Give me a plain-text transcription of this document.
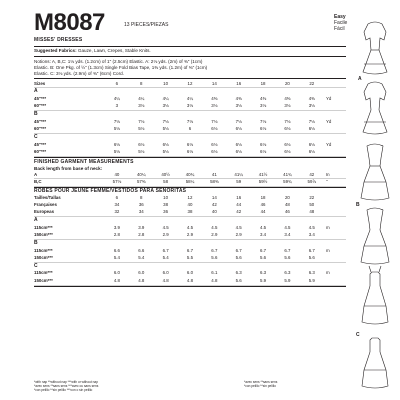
M8087	13 PIECES/PIEZAS
Easy
Facile
Fácil
MISSES' DRESSES
Suggested Fabrics: Gauze, Lawn, Crepes, Stable Knits.
Notions: A, B,C: 1⅛ yds. (1.2cm) of 1" (2.5cm) Elastic. A: 2⅛ yds. (2m) of ⅜" (1cm)
Elastic. B: One Pkg. of ½" (1.3cm) Single Fold Bias Tape, 1⅜ yds. (1.2m) of ⅜" (1cm)
Elastic. C: 3⅛ yds. (2.9m) of ⅜" (6cm) Cord.
Sizes	6	8	10	12	14	16	18	20	22	
A										
45"***	4¼	4¼	4¼	4¼	4⅜	4⅜	4⅜	4⅜	4⅜	Yd
60"***	3	3⅛	3⅛	3⅛	3⅛	3⅛	3⅛	3⅛	3⅛	
B										
45"***	7⅛	7⅛	7⅛	7⅛	7⅛	7⅛	7⅛	7⅛	7⅛	Yd
60"***	5⅛	5⅛	5⅛	6	6⅛	6⅛	6⅛	6⅛	6⅛	
C										
45"***	6⅛	6⅛	6⅛	6⅛	6⅛	6⅛	6⅛	6⅛	6⅛	Yd
60"***	5⅛	5⅛	5⅛	6⅛	6⅛	6⅛	6⅛	6⅛	6⅛	
FINISHED GARMENT MEASUREMENTS
Back length from base of neck:
A	40	40¼	40½	40¾	41	41¼	41½	41¾	42	In
B,C	57⅛	57⅜	58	58¼	58⅜	59	59½	59¾	59⅞	"
ROBES POUR JEUNE FEMME/VESTIDOS PARA SEÑORITAS
Tailles/Tallas	6	8	10	12	14	16	18	20	22	
Françaises	34	36	38	40	42	44	46	48	50	
Europeas	32	34	36	38	40	42	44	46	48	
A										
115cm***	3.9	3.9	4.5	4.5	4.5	4.5	4.5	4.5	4.5	m
150cm***	2.8	2.8	2.9	2.9	2.9	2.9	3.4	3.4	3.4	
B										
115cm***	6.6	6.6	6.7	6.7	6.7	6.7	6.7	6.7	6.7	m
150cm***	5.4	5.4	5.4	5.5	5.6	5.6	5.6	5.6	5.6	
C										
115cm***	6.0	6.0	6.0	6.0	6.1	6.3	6.3	6.3	6.3	m
150cm***	4.8	4.8	4.8	4.8	4.8	5.6	5.9	5.9	5.9	
*with nap **without nap ***with or without nap
*avec sens **sans sens ***avec ou sans sens
*con pelillo **sin pelillo ***con o sin pelillo
*avec sens **sans sens
*con pelillo **sin pelillo
A
B
C
